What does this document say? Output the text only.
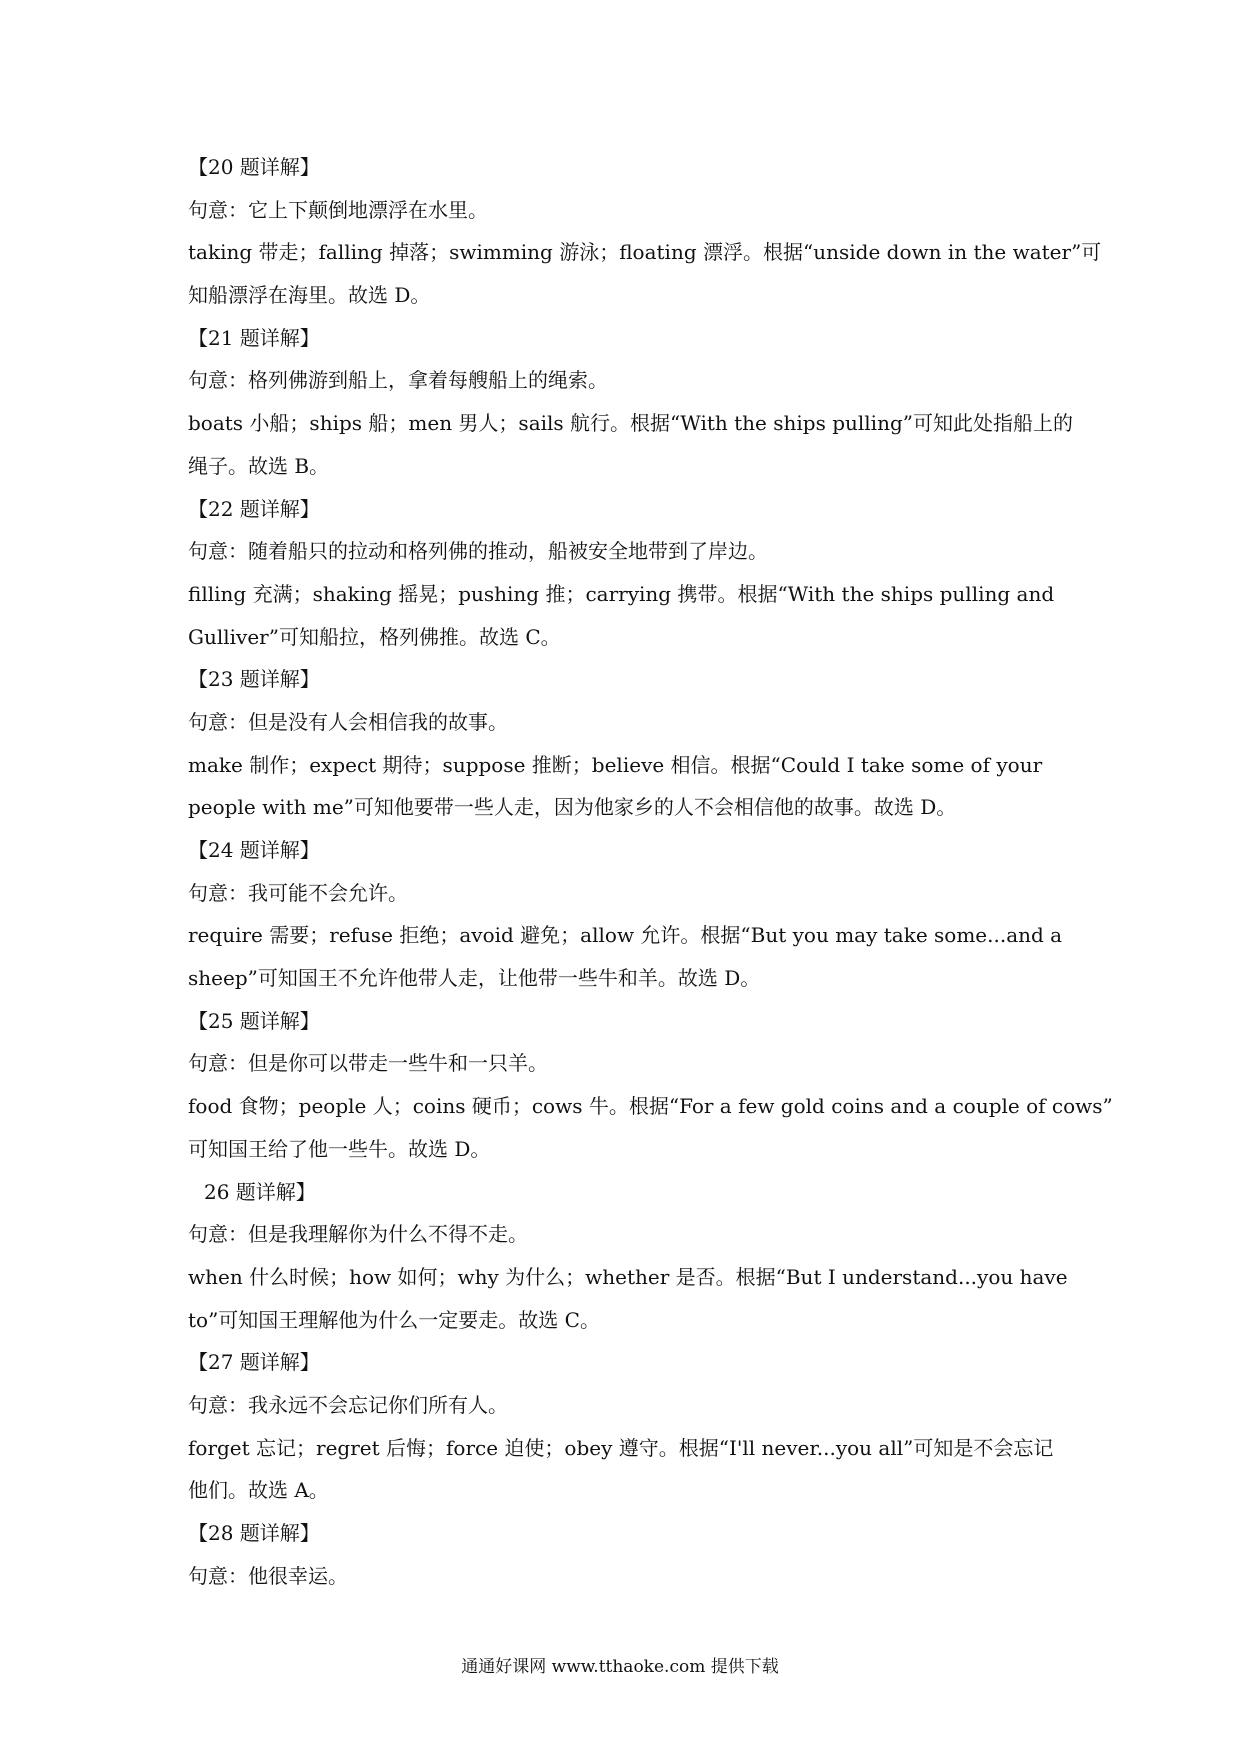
【20 题详解】
句意：它上下颠倒地漂浮在水里。
taking 带走；falling 掉落；swimming 游泳；floating 漂浮。根据“unside down in the water”可
知船漂浮在海里。故选 D。
【21 题详解】
句意：格列佛游到船上，拿着每艘船上的绳索。
boats 小船；ships 船；men 男人；sails 航行。根据“With the ships pulling”可知此处指船上的
绳子。故选 B。
【22 题详解】
句意：随着船只的拉动和格列佛的推动，船被安全地带到了岸边。
filling 充满；shaking 摇晃；pushing 推；carrying 携带。根据“With the ships pulling and
Gulliver”可知船拉，格列佛推。故选 C。
【23 题详解】
句意：但是没有人会相信我的故事。
make 制作；expect 期待；suppose 推断；believe 相信。根据“Could I take some of your
people with me”可知他要带一些人走，因为他家乡的人不会相信他的故事。故选 D。
【24 题详解】
句意：我可能不会允许。
require 需要；refuse 拒绝；avoid 避免；allow 允许。根据“But you may take some...and a
sheep”可知国王不允许他带人走，让他带一些牛和羊。故选 D。
【25 题详解】
句意：但是你可以带走一些牛和一只羊。
food 食物；people 人；coins 硬币；cows 牛。根据“For a few gold coins and a couple of cows”
可知国王给了他一些牛。故选 D。
26 题详解】
句意：但是我理解你为什么不得不走。
when 什么时候；how 如何；why 为什么；whether 是否。根据“But I understand...you have
to”可知国王理解他为什么一定要走。故选 C。
【27 题详解】
句意：我永远不会忘记你们所有人。
forget 忘记；regret 后悔；force 迫使；obey 遵守。根据“I'll never...you all”可知是不会忘记
他们。故选 A。
【28 题详解】
句意：他很幸运。
通通好课网 www.tthaoke.com 提供下载
